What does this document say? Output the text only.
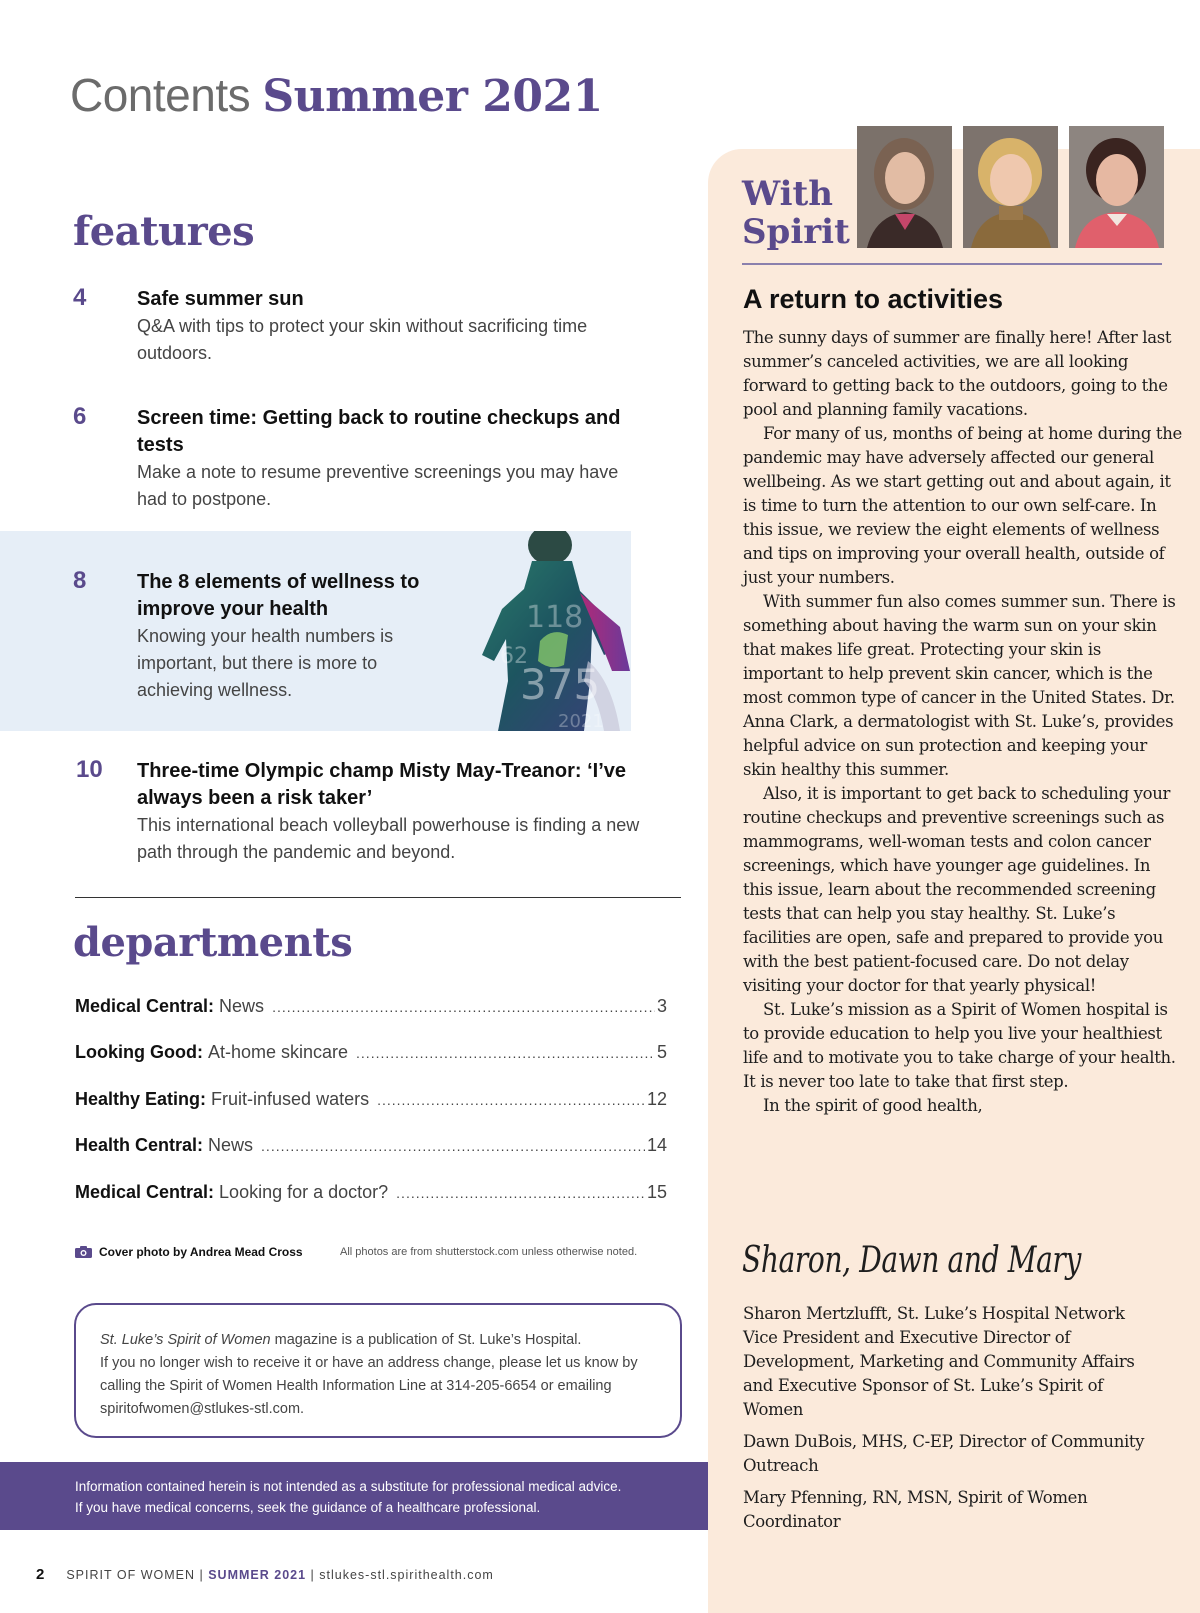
Contents Summer 2021
features
118
62
375
2021
4	Safe summer sun
Q&A with tips to protect your skin without sacrificing time outdoors.
6	Screen time: Getting back to routine checkups and tests
Make a note to resume preventive screenings you may have had to postpone.
8	The 8 elements of wellness to improve your health
Knowing your health numbers is important, but there is more to achieving wellness.
10 Three-time Olympic champ Misty May-Treanor: ‘I’ve always been a risk taker’
This international beach volleyball powerhouse is finding a new path through the pandemic and beyond.
departments
Medical Central: News .....	3
Looking Good: At-home skincare .....	5
Healthy Eating: Fruit-infused waters .....	12
Health Central: News .....	14
Medical Central: Looking for a doctor? .....	15
Cover photo by Andrea Mead Cross	All photos are from shutterstock.com unless otherwise noted.
St. Luke’s Spirit of Women magazine is a publication of St. Luke’s Hospital.
If you no longer wish to receive it or have an address change, please let us know by calling the Spirit of Women Health Information Line at 314-205-6654 or emailing spiritofwomen@stlukes-stl.com.
Information contained herein is not intended as a substitute for professional medical advice.
If you have medical concerns, seek the guidance of a healthcare professional.
2 SPIRIT OF WOMEN | SUMMER 2021 | stlukes-stl.spirithealth.com
With
Spirit
A return to activities

The sunny days of summer are finally here! After last summer’s canceled activities, we are all looking forward to getting back to the outdoors, going to the pool and planning family vacations.

For many of us, months of being at home during the pandemic may have adversely affected our general wellbeing. As we start getting out and about again, it is time to turn the attention to our own self-care. In this issue, we review the eight elements of wellness and tips on improving your overall health, outside of just your numbers.

With summer fun also comes summer sun. There is something about having the warm sun on your skin that makes life great. Protecting your skin is important to help prevent skin cancer, which is the most common type of cancer in the United States. Dr. Anna Clark, a dermatologist with St. Luke’s, provides helpful advice on sun protection and keeping your skin healthy this summer.

Also, it is important to get back to scheduling your routine checkups and preventive screenings such as mammograms, well-woman tests and colon cancer screenings, which have younger age guidelines. In this issue, learn about the recommended screening tests that can help you stay healthy. St. Luke’s facilities are open, safe and prepared to provide you with the best patient-focused care. Do not delay visiting your doctor for that yearly physical!

St. Luke’s mission as a Spirit of Women hospital is to provide education to help you live your healthiest life and to motivate you to take charge of your health. It is never too late to take that first step.

In the spirit of good health,

Sharon, Dawn and Mary
Sharon Mertzlufft, St. Luke’s Hospital Network Vice President and Executive Director of Development, Marketing and Community Affairs and Executive Sponsor of St. Luke’s Spirit of Women
Dawn DuBois, MHS, C-EP, Director of Community Outreach
Mary Pfenning, RN, MSN, Spirit of Women Coordinator
